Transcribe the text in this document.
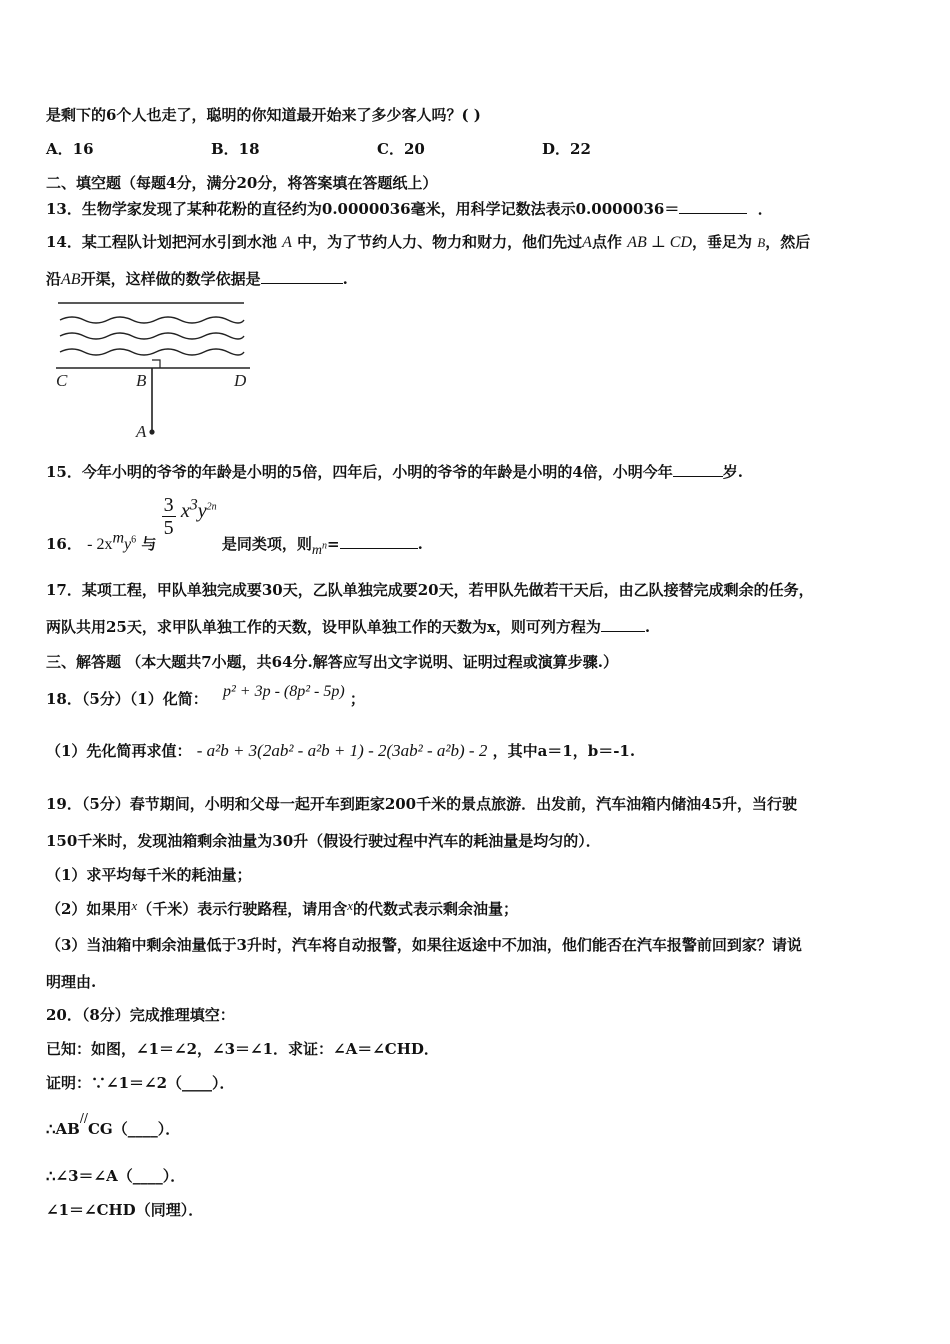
是剩下的6个人也走了，聪明的你知道最开始来了多少客人吗？( )
A．16	B．18	C．20	D．22
二、填空题（每题4分，满分20分，将答案填在答题纸上）
13．生物学家发现了某种花粉的直径约为0.0000036毫米，用科学记数法表示0.0000036＝	．
14．某工程队计划把河水引到水池 A 中，为了节约人力、物力和财力，他们先过A点作 AB ⊥ CD，垂足为 B，然后
沿AB开渠，这样做的数学依据是	.
C	B	D
A
15．今年小明的爷爷的年龄是小明的5倍，四年后，小明的爷爷的年龄是小明的4倍，小明今年	岁.
16． - $2x^my^6$ 与
$\frac{3}{5} x^3y^{2n}$ 是同类项，则$m^n=$	.
17．某项工程，甲队单独完成要30天，乙队单独完成要20天，若甲队先做若干天后，由乙队接替完成剩余的任务，
两队共用25天，求甲队单独工作的天数，设甲队单独工作的天数为x，则可列方程为	.
三、解答题 （本大题共7小题，共64分.解答应写出文字说明、证明过程或演算步骤.）
18．（5分）（1）化简： p² + 3p - (8p² - 5p) ；
（1）先化简再求值： - a²b + 3(2ab² - a²b + 1) - 2(3ab² - a²b) - 2 ，其中a＝1，b＝-1.
19．（5分）春节期间，小明和父母一起开车到距家200千米的景点旅游．出发前，汽车油箱内储油45升，当行驶
150千米时，发现油箱剩余油量为30升（假设行驶过程中汽车的耗油量是均匀的）．
（1）求平均每千米的耗油量；
（2）如果用x（千米）表示行驶路程，请用含x的代数式表示剩余油量；
（3）当油箱中剩余油量低于3升时，汽车将自动报警，如果往返途中不加油，他们能否在汽车报警前回到家？请说
明理由.
20．（8分）完成推理填空：
已知：如图，∠1＝∠2，∠3＝∠1．求证：∠A＝∠CHD．
证明：∵∠1＝∠2（____）．
∴AB//CG（____）．
∴∠3＝∠A（____）．
∠1＝∠CHD（同理）．
